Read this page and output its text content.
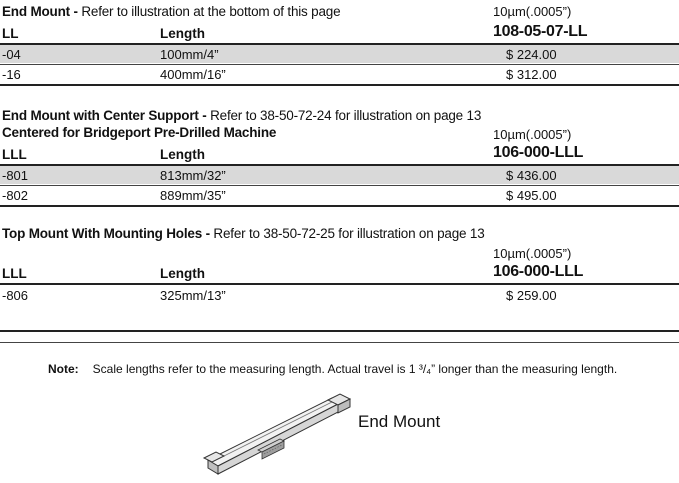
End Mount - Refer to illustration at the bottom of this page	10µm(.0005”)
LL	Length	108-05-07-LL
-04	100mm/4”	$ 224.00
-16	400mm/16”	$ 312.00
End Mount with Center Support - Refer to 38-50-72-24 for illustration on page 13
Centered for Bridgeport Pre-Drilled Machine	10µm(.0005”)
LLL	Length	106-000-LLL
-801	813mm/32”	$ 436.00
-802	889mm/35”	$ 495.00
Top Mount With Mounting Holes - Refer to 38-50-72-25 for illustration on page 13
10µm(.0005”)
LLL	Length	106-000-LLL
-806	325mm/13”	$ 259.00
Note: Scale lengths refer to the measuring length. Actual travel is 1 ³/₄” longer than the measuring length.
End Mount
